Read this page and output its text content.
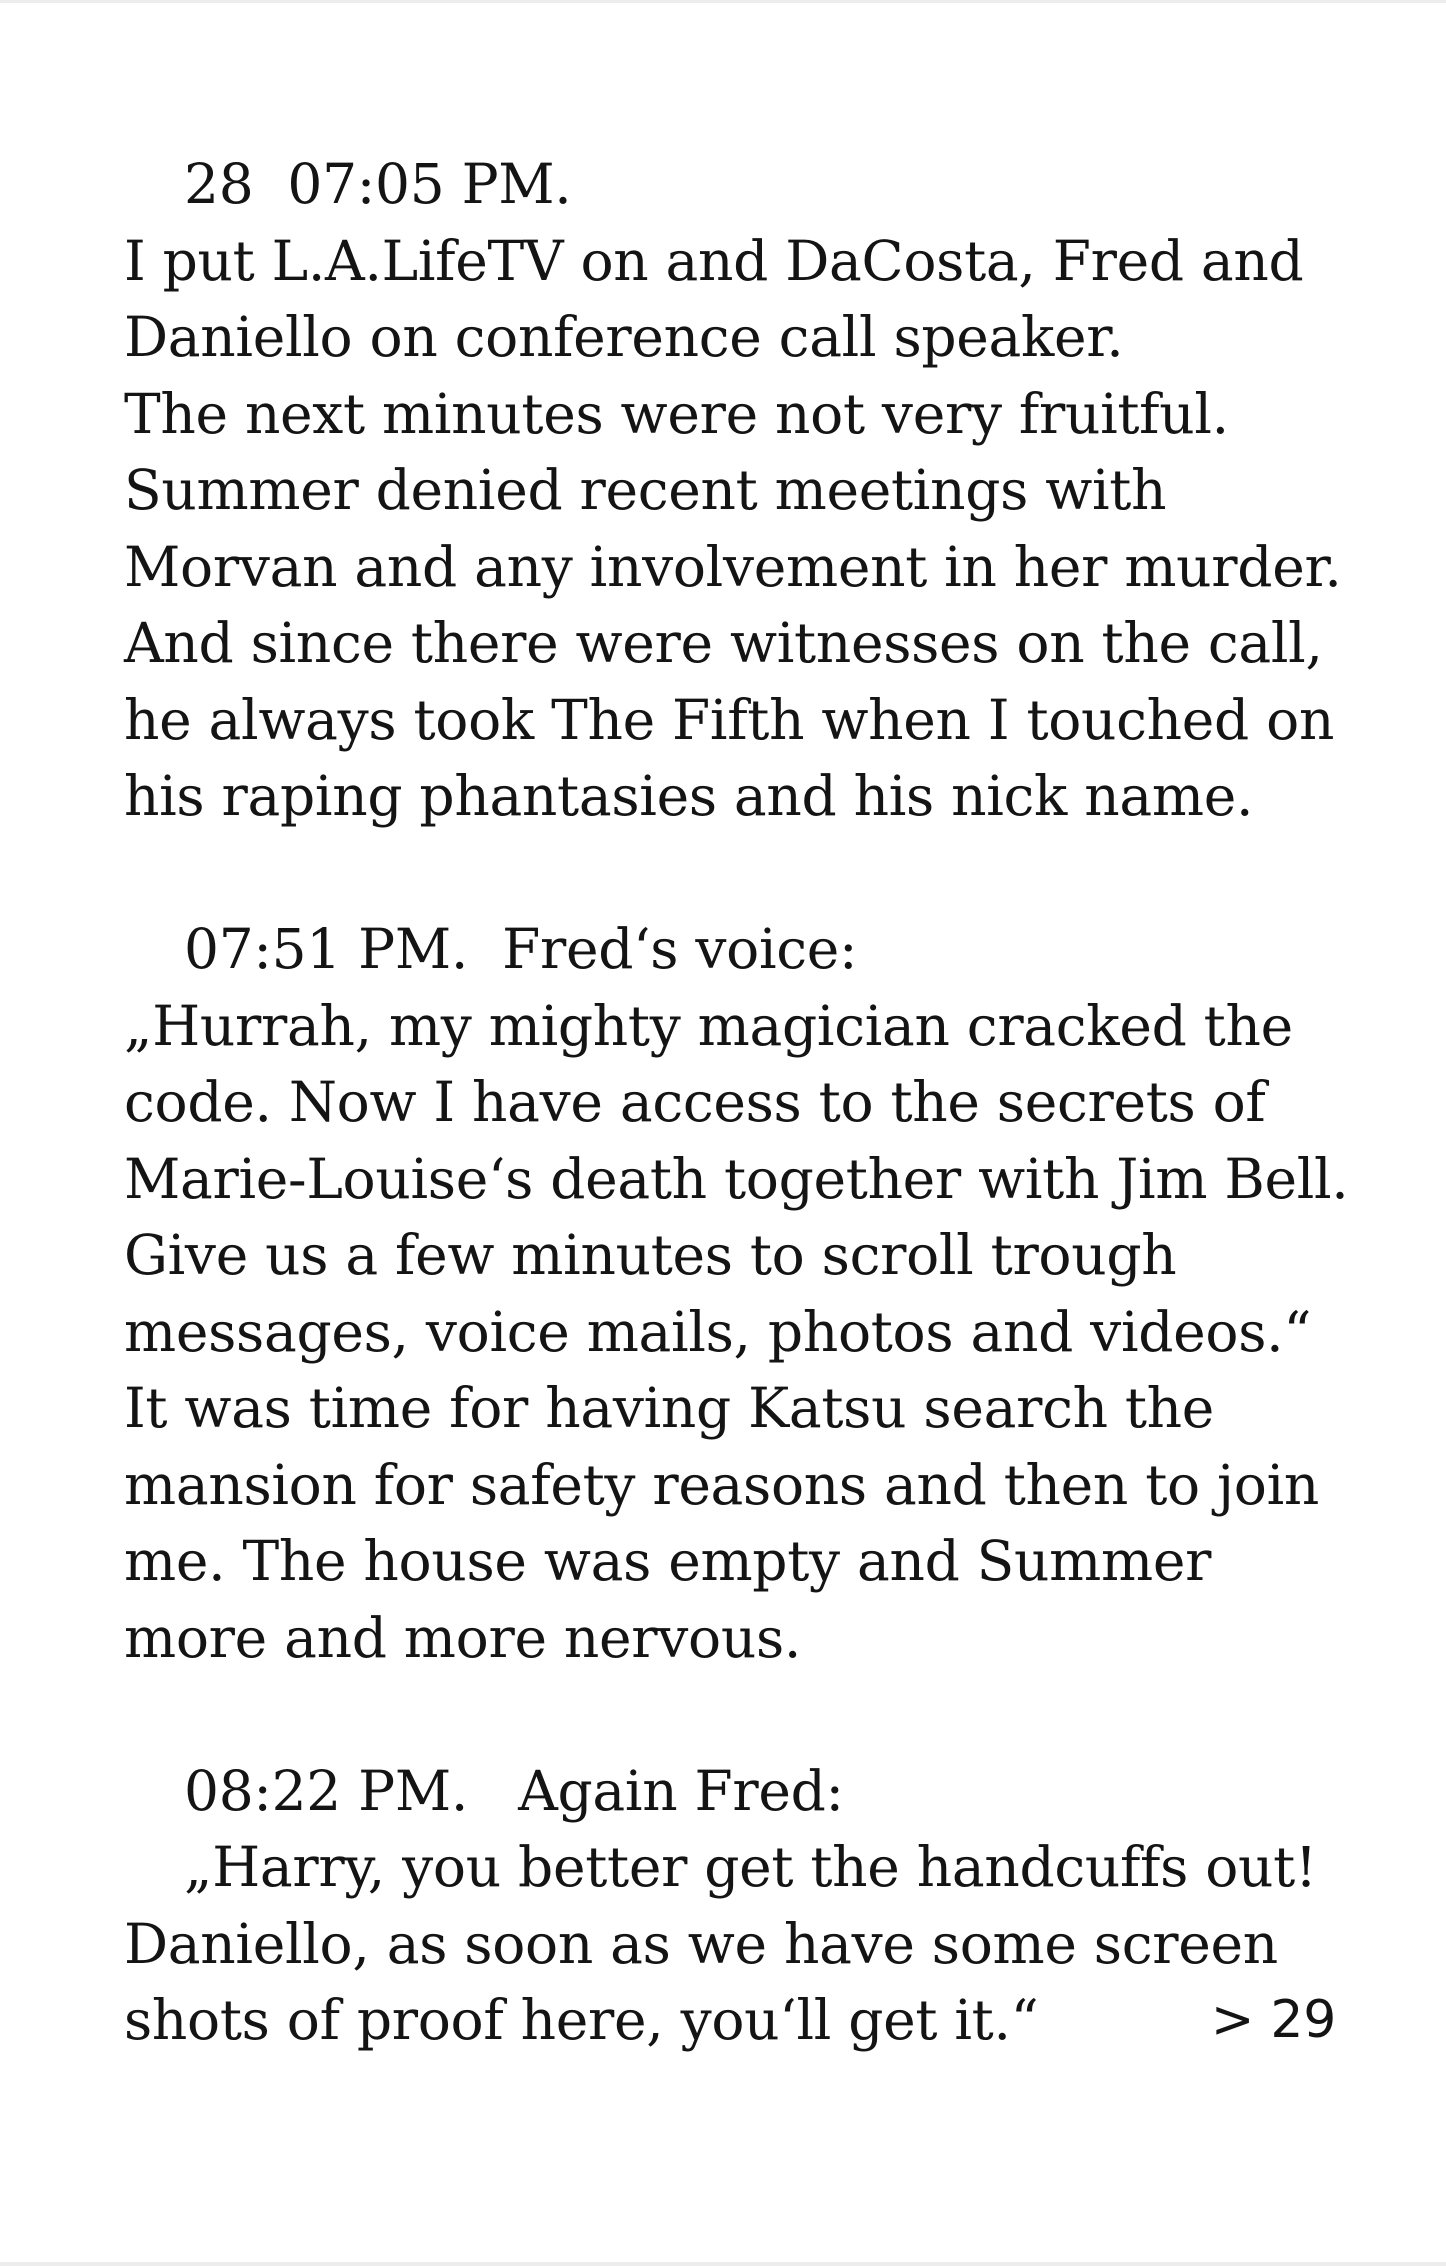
28 07:05 PM.
I put L.A.LifeTV on and DaCosta, Fred and
Daniello on conference call speaker.
The next minutes were not very fruitful.
Summer denied recent meetings with
Morvan and any involvement in her murder.
And since there were witnesses on the call,
he always took The Fifth when I touched on
his raping phantasies and his nick name.
07:51 PM. Fred‘s voice:
„Hurrah, my mighty magician cracked the
code. Now I have access to the secrets of
Marie-Louise‘s death together with Jim Bell.
Give us a few minutes to scroll trough
messages, voice mails, photos and videos.“
It was time for having Katsu search the
mansion for safety reasons and then to join
me. The house was empty and Summer
more and more nervous.
08:22 PM. Again Fred:
„Harry, you better get the handcuffs out!
Daniello, as soon as we have some screen
shots of proof here, you‘ll get it.“	> 29
